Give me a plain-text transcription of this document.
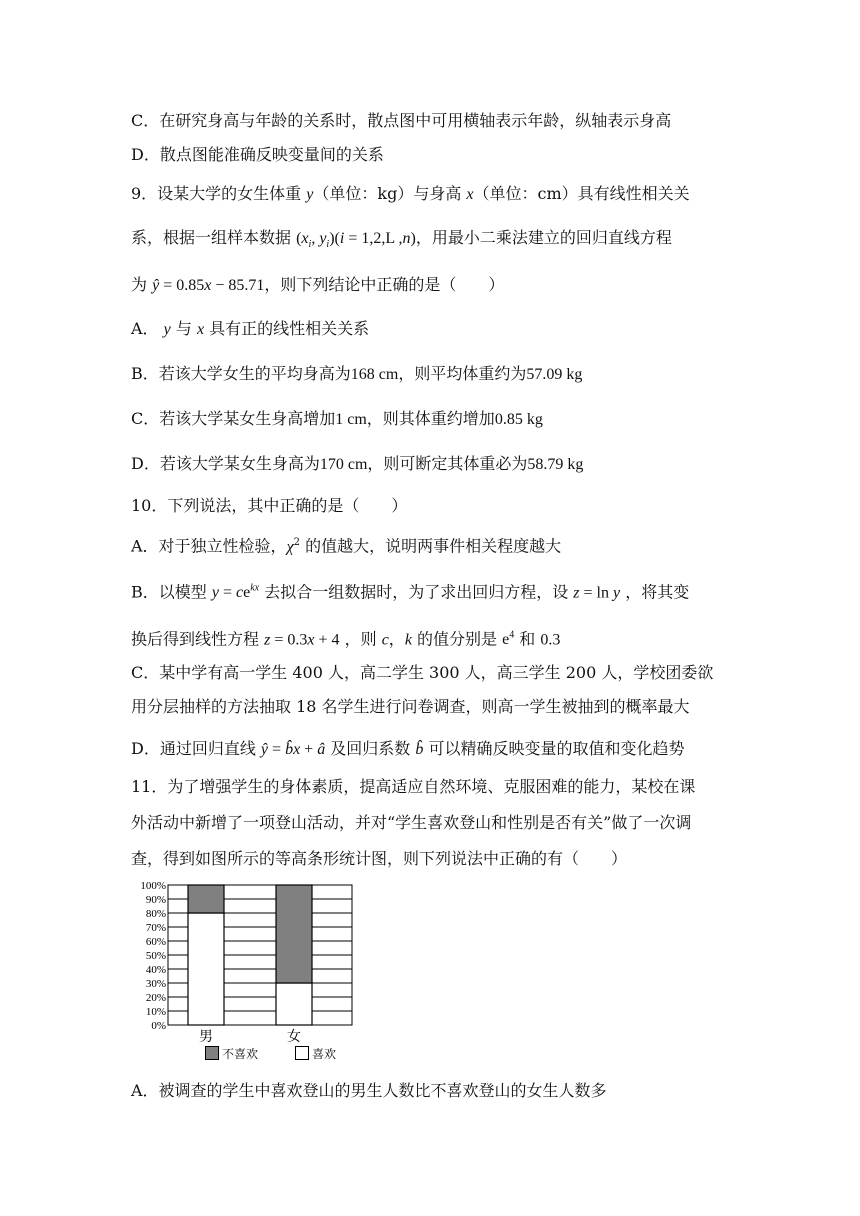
C．在研究身高与年龄的关系时，散点图中可用横轴表示年龄，纵轴表示身高
D．散点图能准确反映变量间的关系
9．设某大学的女生体重 y（单位：kg）与身高 x（单位：cm）具有线性相关关
系，根据一组样本数据 ($x_i$, $y_i)(i = 1,2,L$ ,n)，用最小二乘法建立的回归直线方程
为 ŷ = 0.85x − 85.71，则下列结论中正确的是（　　）
A． y 与 x 具有正的线性相关关系
B．若该大学女生的平均身高为168 cm，则平均体重约为57.09 kg
C．若该大学某女生身高增加1 cm，则其体重约增加0.85 kg
D．若该大学某女生身高为170 cm，则可断定其体重必为58.79 kg
10．下列说法，其中正确的是（　　）
A．对于独立性检验，$\chi^2$ 的值越大，说明两事件相关程度越大
B．以模型 $y = ce^{kx}$ 去拟合一组数据时，为了求出回归方程，设 z = ln y ，将其变
换后得到线性方程 z = 0.3x + 4 ，则 c，k 的值分别是 $e^4$ 和 0.3
C．某中学有高一学生 400 人，高二学生 300 人，高三学生 200 人，学校团委欲
用分层抽样的方法抽取 18 名学生进行问卷调查，则高一学生被抽到的概率最大
D．通过回归直线 ŷ = b̂x + â 及回归系数 b̂ 可以精确反映变量的取值和变化趋势
11．为了增强学生的身体素质，提高适应自然环境、克服困难的能力，某校在课
外活动中新增了一项登山活动，并对“学生喜欢登山和性别是否有关”做了一次调
查，得到如图所示的等高条形统计图，则下列说法中正确的有（　　）
0%
10%
20%
30%
40%
50%
60%
70%
80%
90%
100%
男	女
不喜欢	喜欢
A．被调查的学生中喜欢登山的男生人数比不喜欢登山的女生人数多
